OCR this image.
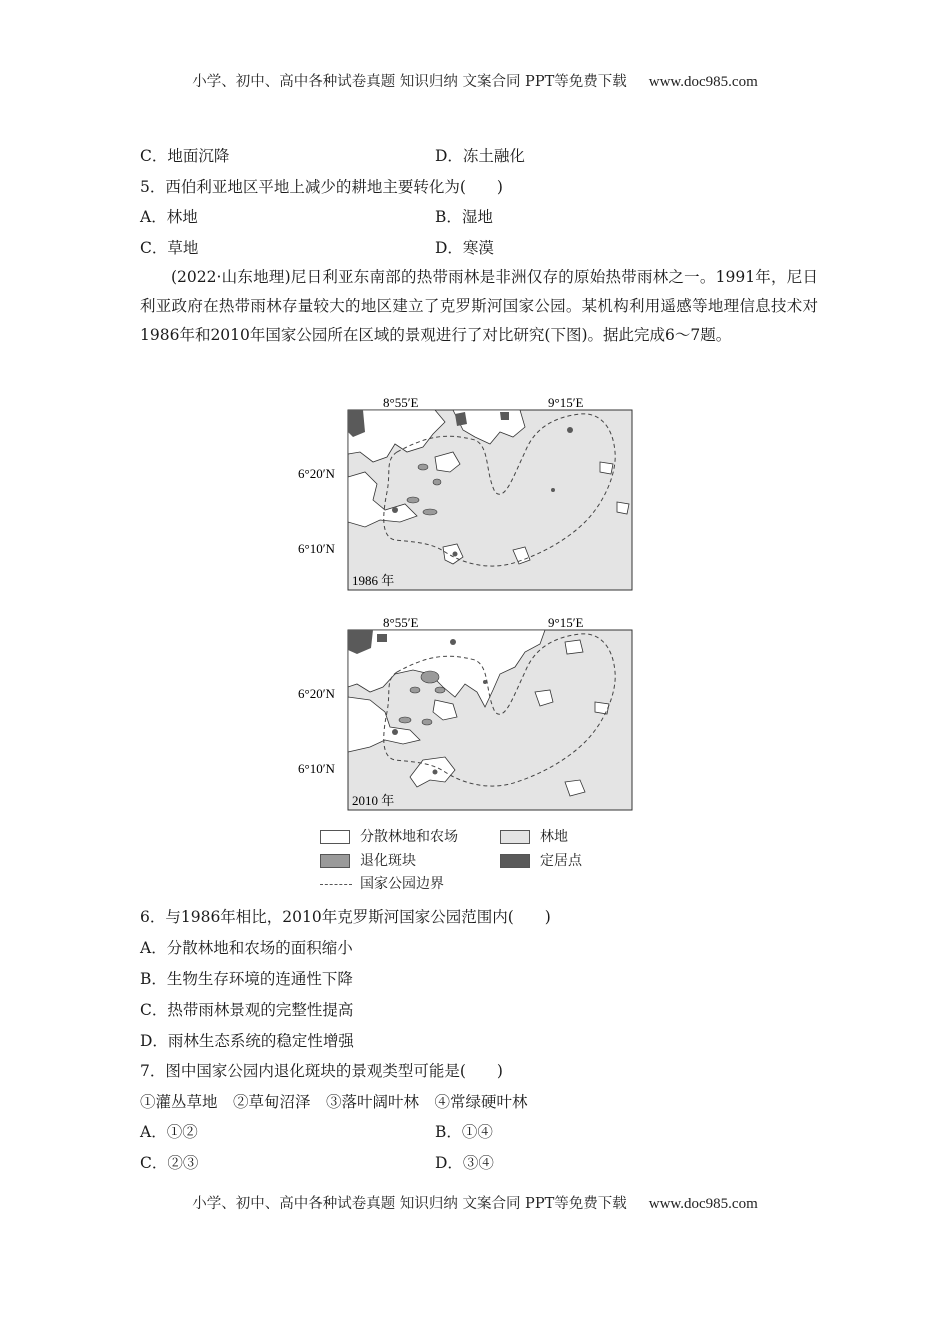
小学、初中、高中各种试卷真题 知识归纳 文案合同 PPT等免费下载 www.doc985.com
C．地面沉降	D．冻土融化
5．西伯利亚地区平地上减少的耕地主要转化为(　　)
A．林地	B．湿地
C．草地	D．寒漠
(2022·山东地理)尼日利亚东南部的热带雨林是非洲仅存的原始热带雨林之一。1991年，尼日利亚政府在热带雨林存量较大的地区建立了克罗斯河国家公园。某机构利用遥感等地理信息技术对1986年和2010年国家公园所在区域的景观进行了对比研究(下图)。据此完成6～7题。
8°55′E	9°15′E
6°20′N
6°10′N
1986 年
8°55′E	9°15′E
6°20′N
6°10′N
2010 年
分散林地和农场	林地
退化斑块	定居点
国家公园边界
6．与1986年相比，2010年克罗斯河国家公园范围内(　　)
A．分散林地和农场的面积缩小
B．生物生存环境的连通性下降
C．热带雨林景观的完整性提高
D．雨林生态系统的稳定性增强
7．图中国家公园内退化斑块的景观类型可能是(　　)
①灌丛草地　②草甸沼泽　③落叶阔叶林　④常绿硬叶林
A．①②	B．①④
C．②③	D．③④
小学、初中、高中各种试卷真题 知识归纳 文案合同 PPT等免费下载 www.doc985.com
